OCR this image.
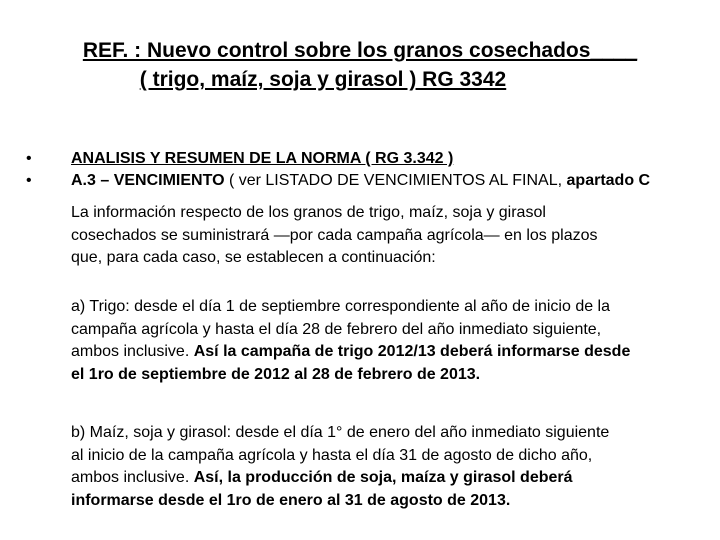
REF. : Nuevo control sobre los granos cosechados____
( trigo, maíz, soja y girasol ) RG 3342
•	ANALISIS Y RESUMEN DE LA NORMA ( RG 3.342 )
•	A.3 – VENCIMIENTO ( ver LISTADO DE VENCIMIENTOS AL FINAL, apartado C
La información respecto de los granos de trigo, maíz, soja y girasol
cosechados se suministrará —por cada campaña agrícola— en los plazos
que, para cada caso, se establecen a continuación:
a) Trigo: desde el día 1 de septiembre correspondiente al año de inicio de la
campaña agrícola y hasta el día 28 de febrero del año inmediato siguiente,
ambos inclusive. Así la campaña de trigo 2012/13 deberá informarse desde
el 1ro de septiembre de 2012 al 28 de febrero de 2013.
b) Maíz, soja y girasol: desde el día 1° de enero del año inmediato siguiente
al inicio de la campaña agrícola y hasta el día 31 de agosto de dicho año,
ambos inclusive. Así, la producción de soja, maíza y girasol deberá
informarse desde el 1ro de enero al 31 de agosto de 2013.
